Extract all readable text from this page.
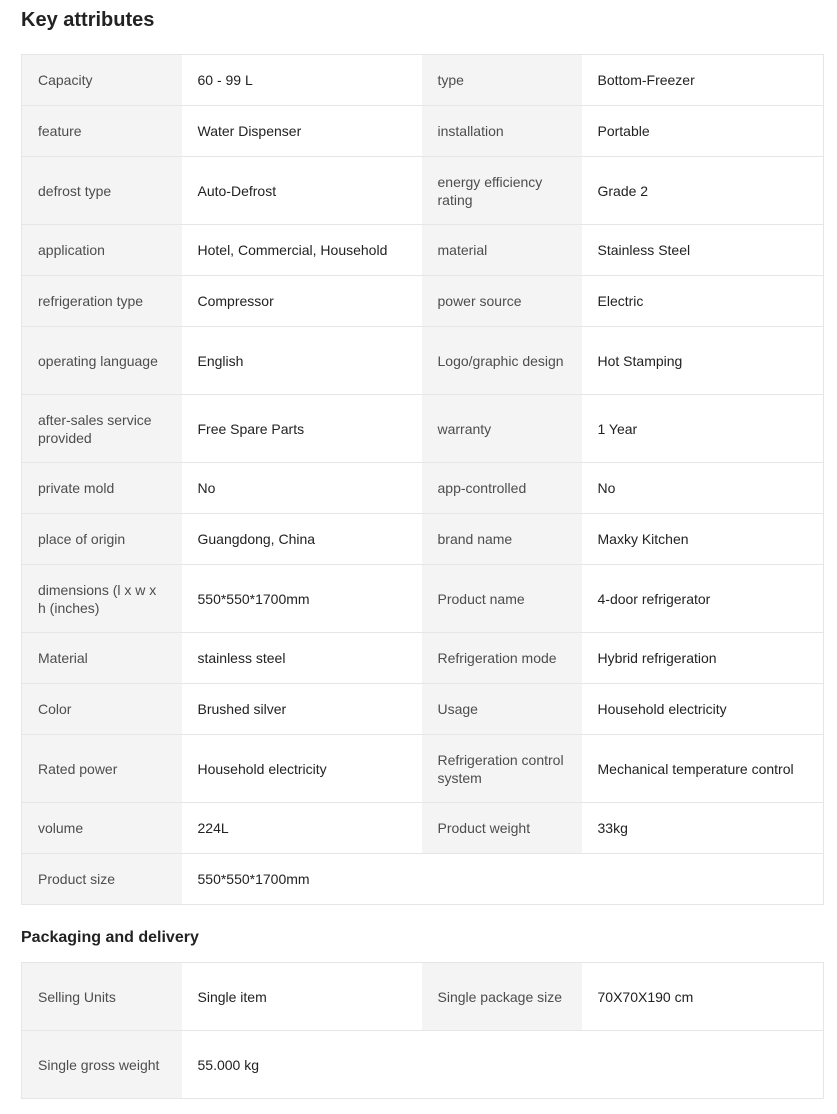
Key attributes
Capacity	60 - 99 L	type	Bottom-Freezer
feature	Water Dispenser	installation	Portable
defrost type	Auto-Defrost	energy efficiency rating	Grade 2
application	Hotel, Commercial, Household	material	Stainless Steel
refrigeration type	Compressor	power source	Electric
operating language	English	Logo/graphic design	Hot Stamping
after-sales service provided	Free Spare Parts	warranty	1 Year
private mold	No	app-controlled	No
place of origin	Guangdong, China	brand name	Maxky Kitchen
dimensions (l x w x h (inches)	550*550*1700mm	Product name	4-door refrigerator
Material	stainless steel	Refrigeration mode	Hybrid refrigeration
Color	Brushed silver	Usage	Household electricity
Rated power	Household electricity	Refrigeration control system	Mechanical temperature control
volume	224L	Product weight	33kg
Product size	550*550*1700mm		
Packaging and delivery
Selling Units	Single item	Single package size	70X70X190 cm
Single gross weight	55.000 kg		
